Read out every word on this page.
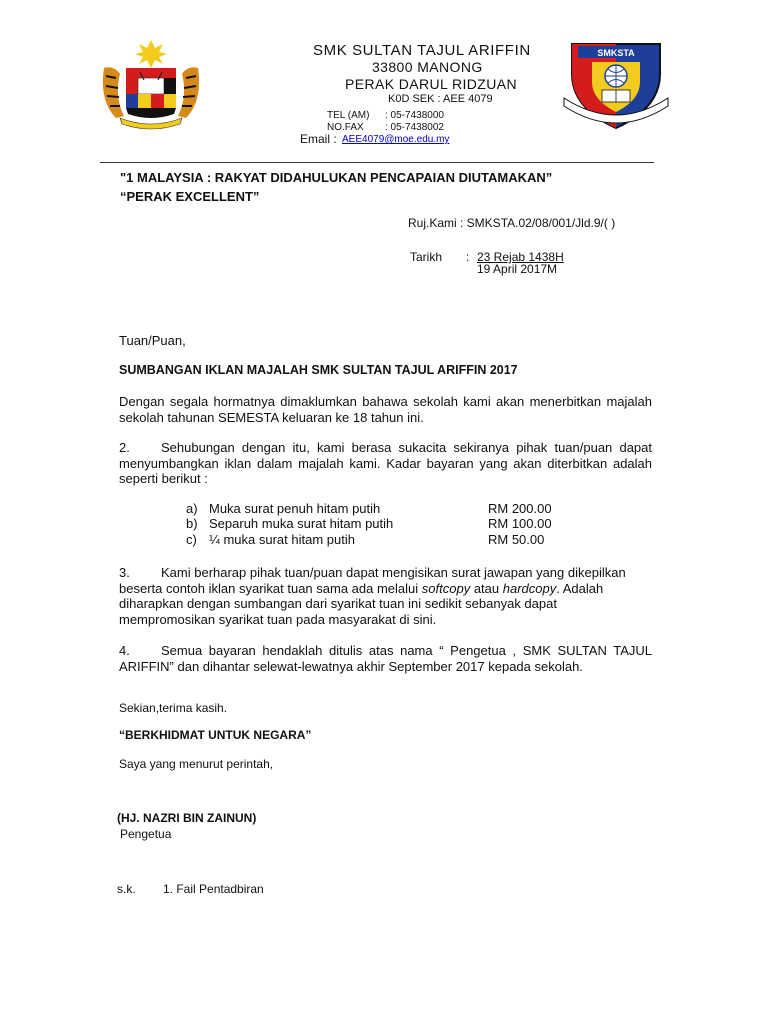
SMKSTA
SMK SULTAN TAJUL ARIFFIN
33800 MANONG
PERAK DARUL RIDZUAN
K0D SEK : AEE 4079
TEL (AM) : 05-7438000
NO.FAX : 05-7438002
Email : AEE4079@moe.edu.my
"1 MALAYSIA : RAKYAT DIDAHULUKAN PENCAPAIAN DIUTAMAKAN”
“PERAK EXCELLENT”
Ruj.Kami : SMKSTA.02/08/001/Jld.9/( )
Tarikh : 23 Rejab 1438H
19 April 2017M
Tuan/Puan,
SUMBANGAN IKLAN MAJALAH SMK SULTAN TAJUL ARIFFIN 2017
Dengan segala hormatnya dimaklumkan bahawa sekolah kami akan menerbitkan majalah sekolah tahunan SEMESTA keluaran ke 18 tahun ini.
2. Sehubungan dengan itu, kami berasa sukacita sekiranya pihak tuan/puan dapat menyumbangkan iklan dalam majalah kami. Kadar bayaran yang akan diterbitkan adalah seperti berikut :
a) Muka surat penuh hitam putih	RM 200.00
b) Separuh muka surat hitam putih	RM 100.00
c) ¼ muka surat hitam putih	RM 50.00
3. Kami berharap pihak tuan/puan dapat mengisikan surat jawapan yang dikepilkan beserta contoh iklan syarikat tuan sama ada melalui softcopy atau hardcopy. Adalah diharapkan dengan sumbangan dari syarikat tuan ini sedikit sebanyak dapat mempromosikan syarikat tuan pada masyarakat di sini.
4. Semua bayaran hendaklah ditulis atas nama “ Pengetua , SMK SULTAN TAJUL ARIFFIN” dan dihantar selewat-lewatnya akhir September 2017 kepada sekolah.
Sekian,terima kasih.
“BERKHIDMAT UNTUK NEGARA”
Saya yang menurut perintah,
(HJ. NAZRI BIN ZAINUN)
Pengetua
s.k. 1. Fail Pentadbiran
